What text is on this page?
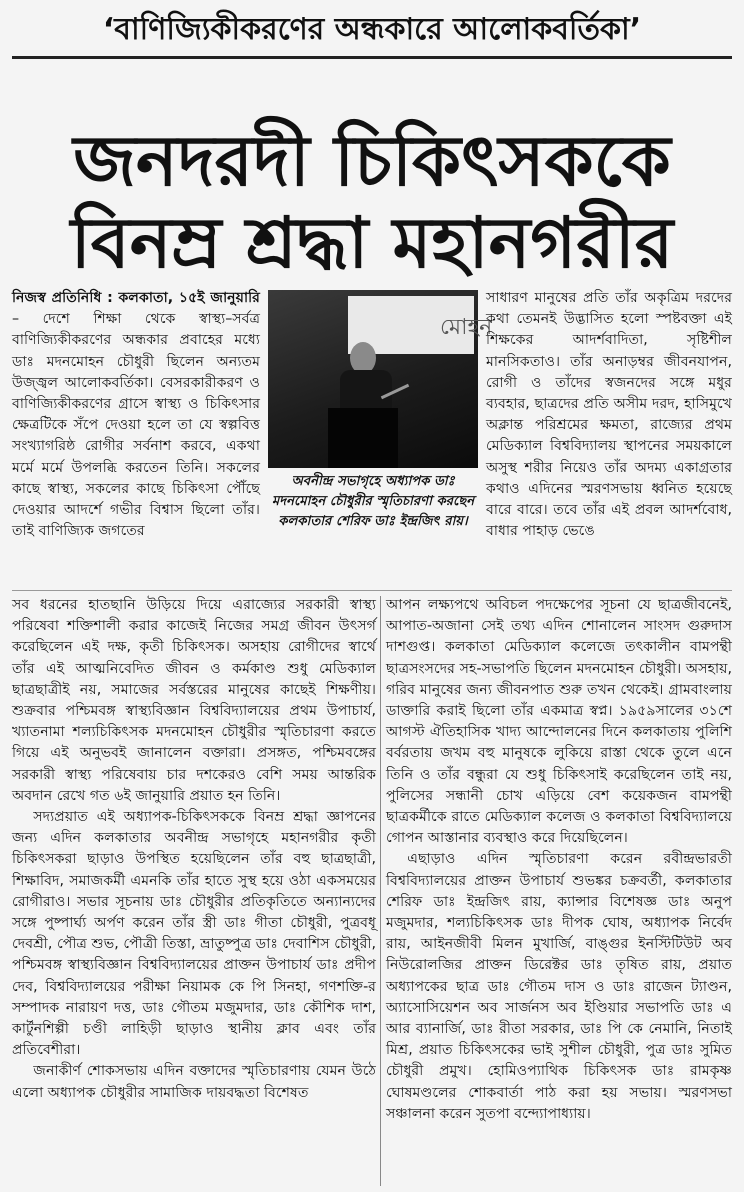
‘বাণিজ্যিকীকরণের অন্ধকারে আলোকবর্তিকা’
জনদরদী চিকিৎসককে
বিনম্র শ্রদ্ধা মহানগরীর

নিজস্ব প্রতিনিধি : কলকাতা, ১৫ই জানুয়ারি – দেশে শিক্ষা থেকে স্বাস্থ্য–সর্বত্র বাণিজ্যিকীকরণের অন্ধকার প্রবাহের মধ্যে ডাঃ মদনমোহন চৌধুরী ছিলেন অন্যতম উজ্জ্বল আলোকবর্তিকা। বেসরকারীকরণ ও বাণিজ্যিকীকরণের গ্রাসে স্বাস্থ্য ও চিকিৎসার ক্ষেত্রটিকে সঁপে দেওয়া হলে তা যে স্বল্পবিত্ত সংখ্যাগরিষ্ঠ রোগীর সর্বনাশ করবে, একথা মর্মে মর্মে উপলব্ধি করতেন তিনি। সকলের কাছে স্বাস্থ্য, সকলের কাছে চিকিৎসা পৌঁছে দেওয়ার আদর্শে গভীর বিশ্বাস ছিলো তাঁর। তাই বাণিজ্যিক জগতের

মোহন
অবনীন্দ্র সভাগৃহে অধ্যাপক ডাঃ মদনমোহন চৌধুরীর স্মৃতিচারণা করছেন কলকাতার শেরিফ ডাঃ ইন্দ্রজিৎ রায়।

সাধারণ মানুষের প্রতি তাঁর অকৃত্রিম দরদের কথা তেমনই উদ্ভাসিত হলো স্পষ্টবক্তা এই শিক্ষকের আদর্শবাদিতা, সৃষ্টিশীল মানসিকতাও। তাঁর অনাড়ম্বর জীবনযাপন, রোগী ও তাঁদের স্বজনদের সঙ্গে মধুর ব্যবহার, ছাত্রদের প্রতি অসীম দরদ, হাসিমুখে অক্লান্ত পরিশ্রমের ক্ষমতা, রাজ্যের প্রথম মেডিক্যাল বিশ্ববিদ্যালয় স্থাপনের সময়কালে অসুস্থ শরীর নিয়েও তাঁর অদম্য একাগ্রতার কথাও এদিনের স্মরণসভায় ধ্বনিত হয়েছে বারে বারে। তবে তাঁর এই প্রবল আদর্শবোধ, বাধার পাহাড় ভেঙে

সব ধরনের হাতছানি উড়িয়ে দিয়ে এরাজ্যের সরকারী স্বাস্থ্য পরিষেবা শক্তিশালী করার কাজেই নিজের সমগ্র জীবন উৎসর্গ করেছিলেন এই দক্ষ, কৃতী চিকিৎসক। অসহায় রোগীদের স্বার্থে তাঁর এই আত্মনিবেদিত জীবন ও কর্মকাণ্ড শুধু মেডিক্যাল ছাত্রছাত্রীই নয়, সমাজের সর্বস্তরের মানুষের কাছেই শিক্ষণীয়। শুক্রবার পশ্চিমবঙ্গ স্বাস্থ্যবিজ্ঞান বিশ্ববিদ্যালয়ের প্রথম উপাচার্য, খ্যাতনামা শল্যচিকিৎসক মদনমোহন চৌধুরীর স্মৃতিচারণা করতে গিয়ে এই অনুভবই জানালেন বক্তারা। প্রসঙ্গত, পশ্চিমবঙ্গের সরকারী স্বাস্থ্য পরিষেবায় চার দশকেরও বেশি সময় আন্তরিক অবদান রেখে গত ৬ই জানুয়ারি প্রয়াত হন তিনি।

সদ্যপ্রয়াত এই অধ্যাপক-চিকিৎসককে বিনম্র শ্রদ্ধা জ্ঞাপনের জন্য এদিন কলকাতার অবনীন্দ্র সভাগৃহে মহানগরীর কৃতী চিকিৎসকরা ছাড়াও উপস্থিত হয়েছিলেন তাঁর বহু ছাত্রছাত্রী, শিক্ষাবিদ, সমাজকর্মী এমনকি তাঁর হাতে সুস্থ হয়ে ওঠা একসময়ের রোগীরাও। সভার সূচনায় ডাঃ চৌধুরীর প্রতিকৃতিতে অন্যান্যদের সঙ্গে পুষ্পার্ঘ্য অর্পণ করেন তাঁর স্ত্রী ডাঃ গীতা চৌধুরী, পুত্রবধূ দেবশ্রী, পৌত্র শুভ, পৌত্রী তিস্তা, ভ্রাতুষ্পুত্র ডাঃ দেবাশিস চৌধুরী, পশ্চিমবঙ্গ স্বাস্থ্যবিজ্ঞান বিশ্ববিদ্যালয়ের প্রাক্তন উপাচার্য ডাঃ প্রদীপ দেব, বিশ্ববিদ্যালয়ের পরীক্ষা নিয়ামক কে পি সিনহা, গণশক্তি-র সম্পাদক নারায়ণ দত্ত, ডাঃ গৌতম মজুমদার, ডাঃ কৌশিক দাশ, কার্টুনশিল্পী চণ্ডী লাহিড়ী ছাড়াও স্থানীয় ক্লাব এবং তাঁর প্রতিবেশীরা।

জনাকীর্ণ শোকসভায় এদিন বক্তাদের স্মৃতিচারণায় যেমন উঠে এলো অধ্যাপক চৌধুরীর সামাজিক দায়বদ্ধতা বিশেষত

আপন লক্ষ্যপথে অবিচল পদক্ষেপের সূচনা যে ছাত্রজীবনেই, আপাত-অজানা সেই তথ্য এদিন শোনালেন সাংসদ গুরুদাস দাশগুপ্ত। কলকাতা মেডিক্যাল কলেজে তৎকালীন বামপন্থী ছাত্রসংসদের সহ-সভাপতি ছিলেন মদনমোহন চৌধুরী। অসহায়, গরিব মানুষের জন্য জীবনপাত শুরু তখন থেকেই। গ্রামবাংলায় ডাক্তারি করাই ছিলো তাঁর একমাত্র স্বপ্ন। ১৯৫৯সালের ৩১শে আগস্ট ঐতিহাসিক খাদ্য আন্দোলনের দিনে কলকাতায় পুলিশি বর্বরতায় জখম বহু মানুষকে লুকিয়ে রাস্তা থেকে তুলে এনে তিনি ও তাঁর বন্ধুরা যে শুধু চিকিৎসাই করেছিলেন তাই নয়, পুলিসের সন্ধানী চোখ এড়িয়ে বেশ কয়েকজন বামপন্থী ছাত্রকর্মীকে রাতে মেডিক্যাল কলেজ ও কলকাতা বিশ্ববিদ্যালয়ে গোপন আস্তানার ব্যবস্থাও করে দিয়েছিলেন।

এছাড়াও এদিন স্মৃতিচারণা করেন রবীন্দ্রভারতী বিশ্ববিদ্যালয়ের প্রাক্তন উপাচার্য শুভঙ্কর চক্রবর্তী, কলকাতার শেরিফ ডাঃ ইন্দ্রজিৎ রায়, ক্যান্সার বিশেষজ্ঞ ডাঃ অনুপ মজুমদার, শল্যচিকিৎসক ডাঃ দীপক ঘোষ, অধ্যাপক নির্বেদ রায়, আইনজীবী মিলন মুখার্জি, বাঙ্গুর ইনস্টিটিউট অব নিউরোলজির প্রাক্তন ডিরেক্টর ডাঃ তৃষিত রায়, প্রয়াত অধ্যাপকের ছাত্র ডাঃ গৌতম দাস ও ডাঃ রাজেন ট্যাণ্ডন, অ্যাসোসিয়েশন অব সার্জনস অব ইণ্ডিয়ার সভাপতি ডাঃ এ আর ব্যানার্জি, ডাঃ রীতা সরকার, ডাঃ পি কে নেমানি, নিতাই মিশ্র, প্রয়াত চিকিৎসকের ভাই সুশীল চৌধুরী, পুত্র ডাঃ সুমিত চৌধুরী প্রমুখ। হোমিওপ্যাথিক চিকিৎসক ডাঃ রামকৃষ্ণ ঘোষমণ্ডলের শোকবার্তা পাঠ করা হয় সভায়। স্মরণসভা সঞ্চালনা করেন সুতপা বন্দ্যোপাধ্যায়।
